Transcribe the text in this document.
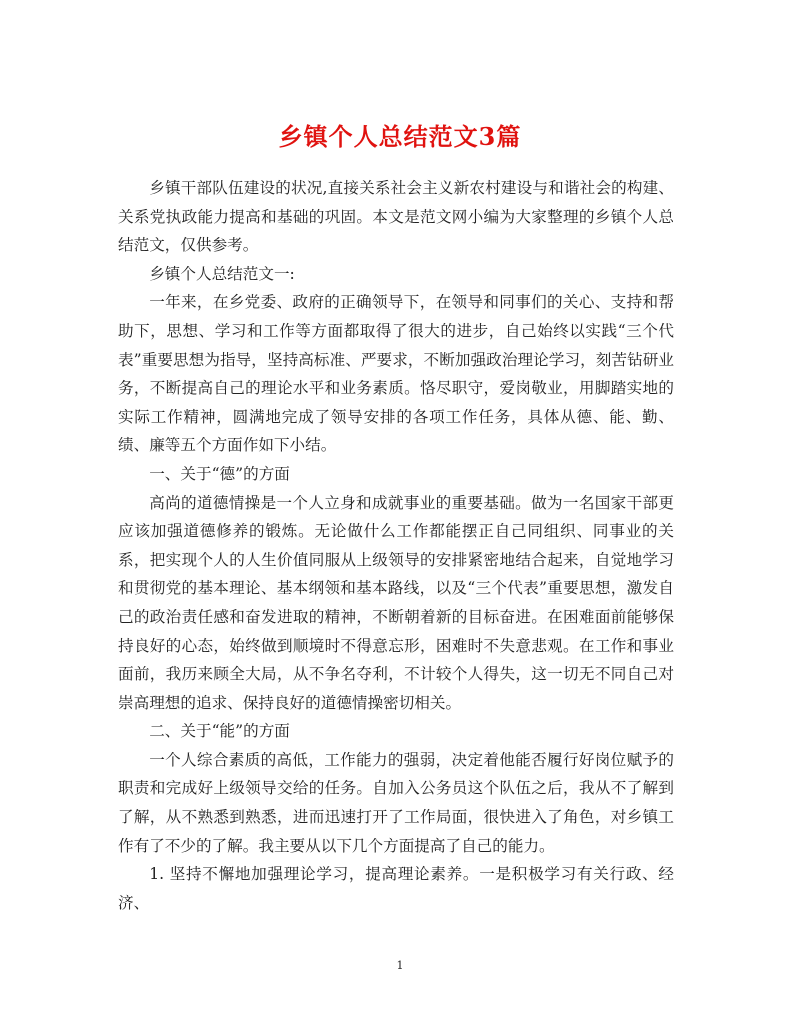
乡镇个人总结范文3篇

乡镇干部队伍建设的状况,直接关系社会主义新农村建设与和谐社会的构建、关系党执政能力提高和基础的巩固。本文是范文网小编为大家整理的乡镇个人总结范文，仅供参考。

乡镇个人总结范文一:

一年来，在乡党委、政府的正确领导下，在领导和同事们的关心、支持和帮助下，思想、学习和工作等方面都取得了很大的进步，自己始终以实践“三个代表”重要思想为指导，坚持高标准、严要求，不断加强政治理论学习，刻苦钻研业务，不断提高自己的理论水平和业务素质。恪尽职守，爱岗敬业，用脚踏实地的实际工作精神，圆满地完成了领导安排的各项工作任务，具体从德、能、勤、绩、廉等五个方面作如下小结。

一、关于“德”的方面

高尚的道德情操是一个人立身和成就事业的重要基础。做为一名国家干部更应该加强道德修养的锻炼。无论做什么工作都能摆正自己同组织、同事业的关系，把实现个人的人生价值同服从上级领导的安排紧密地结合起来，自觉地学习和贯彻党的基本理论、基本纲领和基本路线，以及“三个代表”重要思想，激发自己的政治责任感和奋发进取的精神，不断朝着新的目标奋进。在困难面前能够保持良好的心态，始终做到顺境时不得意忘形，困难时不失意悲观。在工作和事业面前，我历来顾全大局，从不争名夺利，不计较个人得失，这一切无不同自己对崇高理想的追求、保持良好的道德情操密切相关。

二、关于“能”的方面

一个人综合素质的高低，工作能力的强弱，决定着他能否履行好岗位赋予的职责和完成好上级领导交给的任务。自加入公务员这个队伍之后，我从不了解到了解，从不熟悉到熟悉，进而迅速打开了工作局面，很快进入了角色，对乡镇工作有了不少的了解。我主要从以下几个方面提高了自己的能力。

1. 坚持不懈地加强理论学习，提高理论素养。一是积极学习有关行政、经济、

1
